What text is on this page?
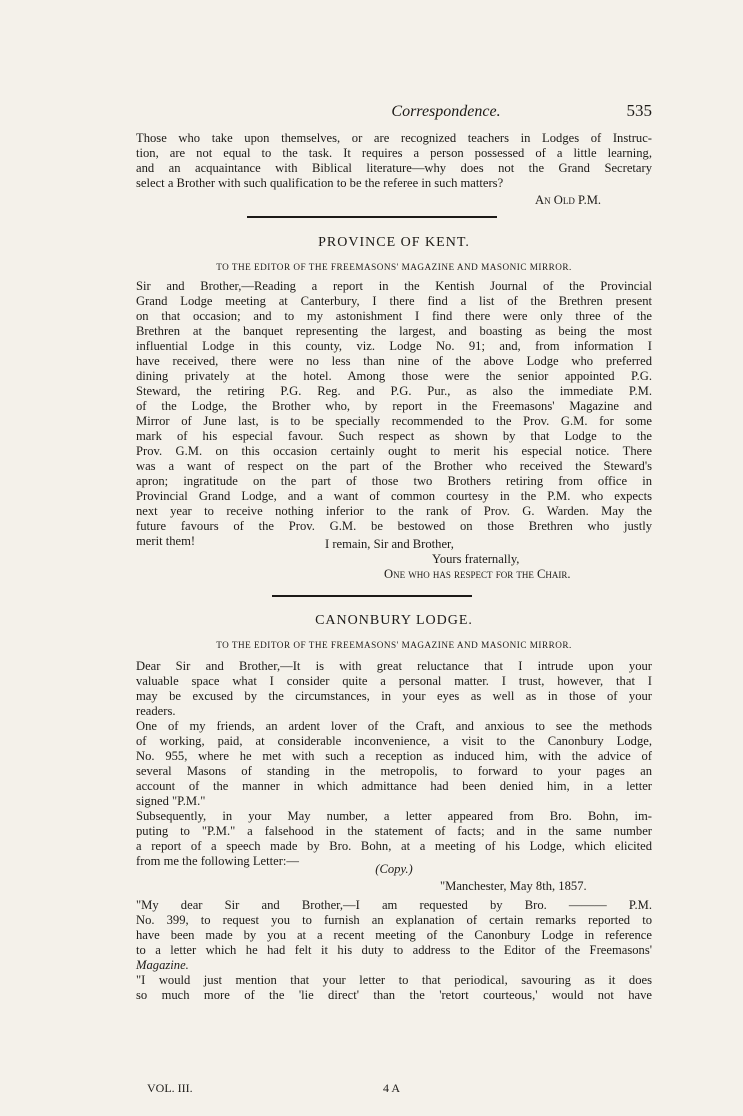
Correspondence.	535
Those who take upon themselves, or are recognized teachers in Lodges of Instruc-
tion, are not equal to the task. It requires a person possessed of a little learning,
and an acquaintance with Biblical literature—why does not the Grand Secretary
select a Brother with such qualification to be the referee in such matters?
An Old P.M.
PROVINCE OF KENT.
TO THE EDITOR OF THE FREEMASONS' MAGAZINE AND MASONIC MIRROR.
Sir and Brother,—Reading a report in the Kentish Journal of the Provincial
Grand Lodge meeting at Canterbury, I there find a list of the Brethren present
on that occasion; and to my astonishment I find there were only three of the
Brethren at the banquet representing the largest, and boasting as being the most
influential Lodge in this county, viz. Lodge No. 91; and, from information I
have received, there were no less than nine of the above Lodge who preferred
dining privately at the hotel. Among those were the senior appointed P.G.
Steward, the retiring P.G. Reg. and P.G. Pur., as also the immediate P.M.
of the Lodge, the Brother who, by report in the Freemasons' Magazine and
Mirror of June last, is to be specially recommended to the Prov. G.M. for some
mark of his especial favour. Such respect as shown by that Lodge to the
Prov. G.M. on this occasion certainly ought to merit his especial notice. There
was a want of respect on the part of the Brother who received the Steward's
apron; ingratitude on the part of those two Brothers retiring from office in
Provincial Grand Lodge, and a want of common courtesy in the P.M. who expects
next year to receive nothing inferior to the rank of Prov. G. Warden. May the
future favours of the Prov. G.M. be bestowed on those Brethren who justly
merit them!	I remain, Sir and Brother,
Yours fraternally,
One who has respect for the Chair.
CANONBURY LODGE.
TO THE EDITOR OF THE FREEMASONS' MAGAZINE AND MASONIC MIRROR.
Dear Sir and Brother,—It is with great reluctance that I intrude upon your
valuable space what I consider quite a personal matter. I trust, however, that I
may be excused by the circumstances, in your eyes as well as in those of your
readers.
One of my friends, an ardent lover of the Craft, and anxious to see the methods
of working, paid, at considerable inconvenience, a visit to the Canonbury Lodge,
No. 955, where he met with such a reception as induced him, with the advice of
several Masons of standing in the metropolis, to forward to your pages an
account of the manner in which admittance had been denied him, in a letter
signed "P.M."
Subsequently, in your May number, a letter appeared from Bro. Bohn, im-
puting to "P.M." a falsehood in the statement of facts; and in the same number
a report of a speech made by Bro. Bohn, at a meeting of his Lodge, which elicited
from me the following Letter:—
(Copy.)
"Manchester, May 8th, 1857.
"My dear Sir and Brother,—I am requested by Bro. ——— P.M.
No. 399, to request you to furnish an explanation of certain remarks reported to
have been made by you at a recent meeting of the Canonbury Lodge in reference
to a letter which he had felt it his duty to address to the Editor of the Freemasons'
Magazine.
"I would just mention that your letter to that periodical, savouring as it does
so much more of the 'lie direct' than the 'retort courteous,' would not have
VOL. III.	4 A
